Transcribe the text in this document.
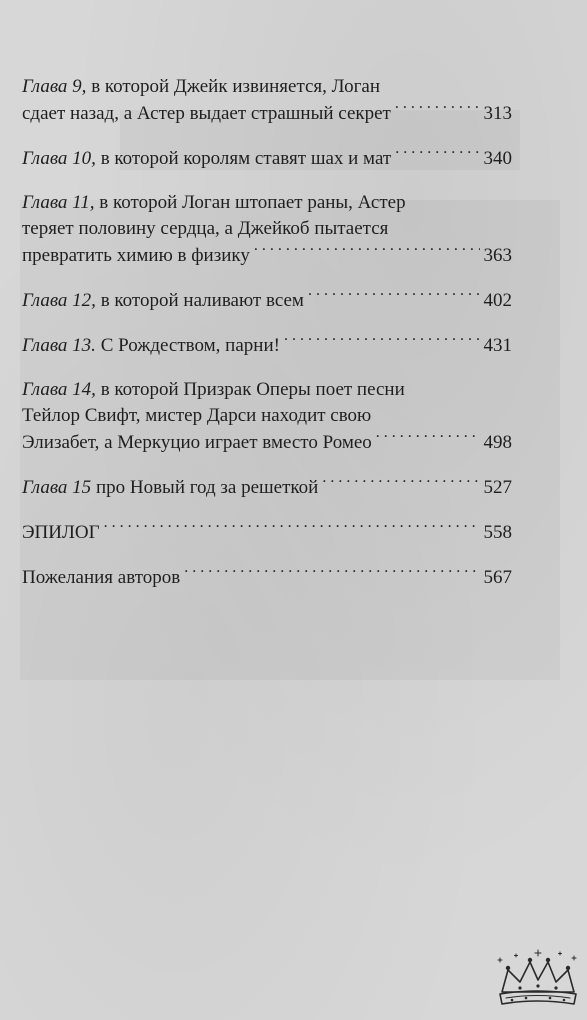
Глава 9, в которой Джейк извиняется, Логан
сдает назад, а Астер выдает страшный секрет . . .	313
Глава 10, в которой королям ставят шах и мат . . .	340
Глава 11, в которой Логан штопает раны, Астер
теряет половину сердца, а Джейкоб пытается
превратить химию в физику . . .	363
Глава 12, в которой наливают всем . . .	402
Глава 13. С Рождеством, парни! . . .	431
Глава 14, в которой Призрак Оперы поет песни
Тейлор Свифт, мистер Дарси находит свою
Элизабет, а Меркуцио играет вместо Ромео . . .	498
Глава 15 про Новый год за решеткой . . .	527
ЭПИЛОГ . . .	558
Пожелания авторов . . .	567
